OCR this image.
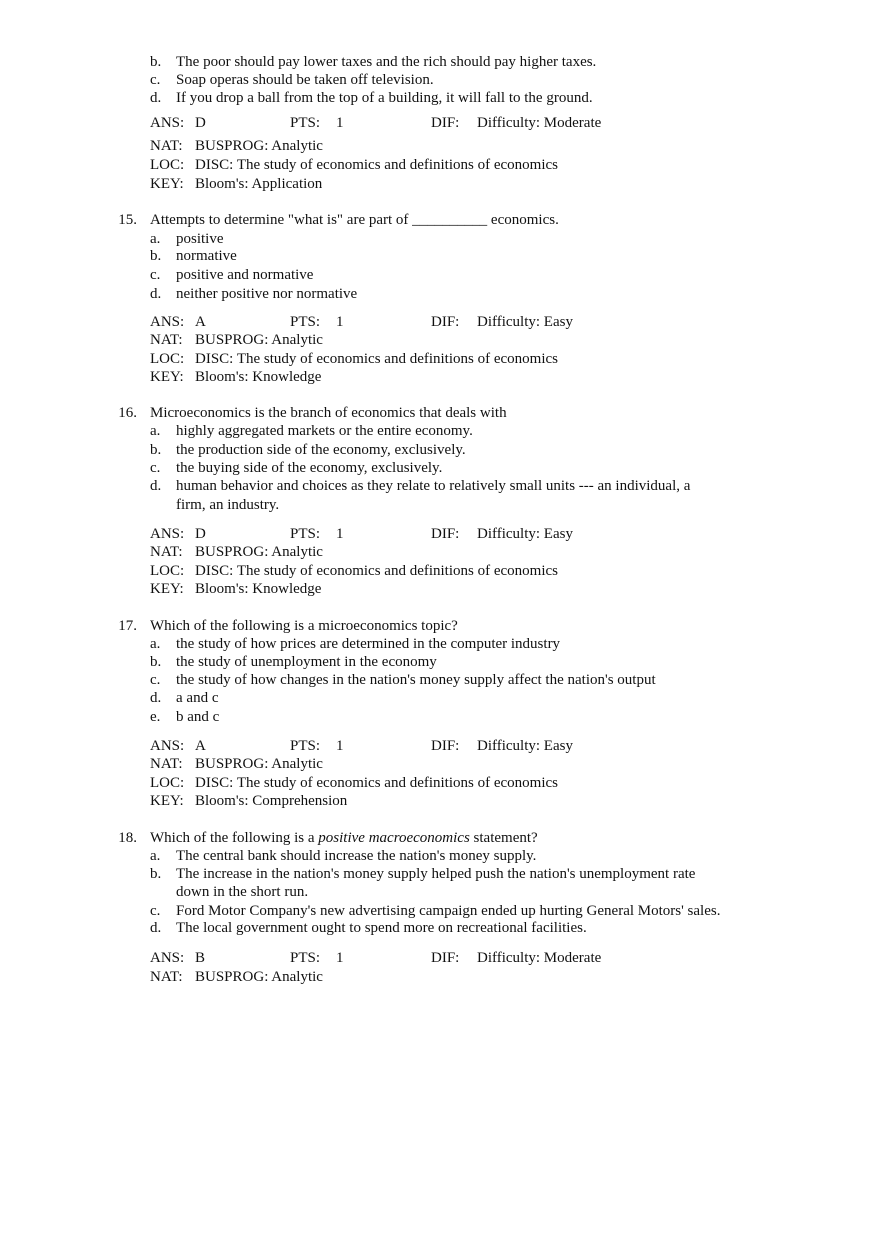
b. The poor should pay lower taxes and the rich should pay higher taxes.
c. Soap operas should be taken off television.
d. If you drop a ball from the top of a building, it will fall to the ground.
ANS: D	PTS: 1	DIF: Difficulty: Moderate
NAT: BUSPROG: Analytic
LOC: DISC: The study of economics and definitions of economics
KEY: Bloom's: Application
15. Attempts to determine "what is" are part of __________ economics.
a. positive
b. normative
c. positive and normative
d. neither positive nor normative
ANS: A	PTS: 1	DIF: Difficulty: Easy
NAT: BUSPROG: Analytic
LOC: DISC: The study of economics and definitions of economics
KEY: Bloom's: Knowledge
16. Microeconomics is the branch of economics that deals with
a. highly aggregated markets or the entire economy.
b. the production side of the economy, exclusively.
c. the buying side of the economy, exclusively.
d. human behavior and choices as they relate to relatively small units --- an individual, a
firm, an industry.
ANS: D	PTS: 1	DIF: Difficulty: Easy
NAT: BUSPROG: Analytic
LOC: DISC: The study of economics and definitions of economics
KEY: Bloom's: Knowledge
17. Which of the following is a microeconomics topic?
a. the study of how prices are determined in the computer industry
b. the study of unemployment in the economy
c. the study of how changes in the nation's money supply affect the nation's output
d. a and c
e. b and c
ANS: A	PTS: 1	DIF: Difficulty: Easy
NAT: BUSPROG: Analytic
LOC: DISC: The study of economics and definitions of economics
KEY: Bloom's: Comprehension
18. Which of the following is a positive macroeconomics statement?
a. The central bank should increase the nation's money supply.
b. The increase in the nation's money supply helped push the nation's unemployment rate
down in the short run.
c. Ford Motor Company's new advertising campaign ended up hurting General Motors' sales.
d. The local government ought to spend more on recreational facilities.
ANS: B	PTS: 1	DIF: Difficulty: Moderate
NAT: BUSPROG: Analytic
